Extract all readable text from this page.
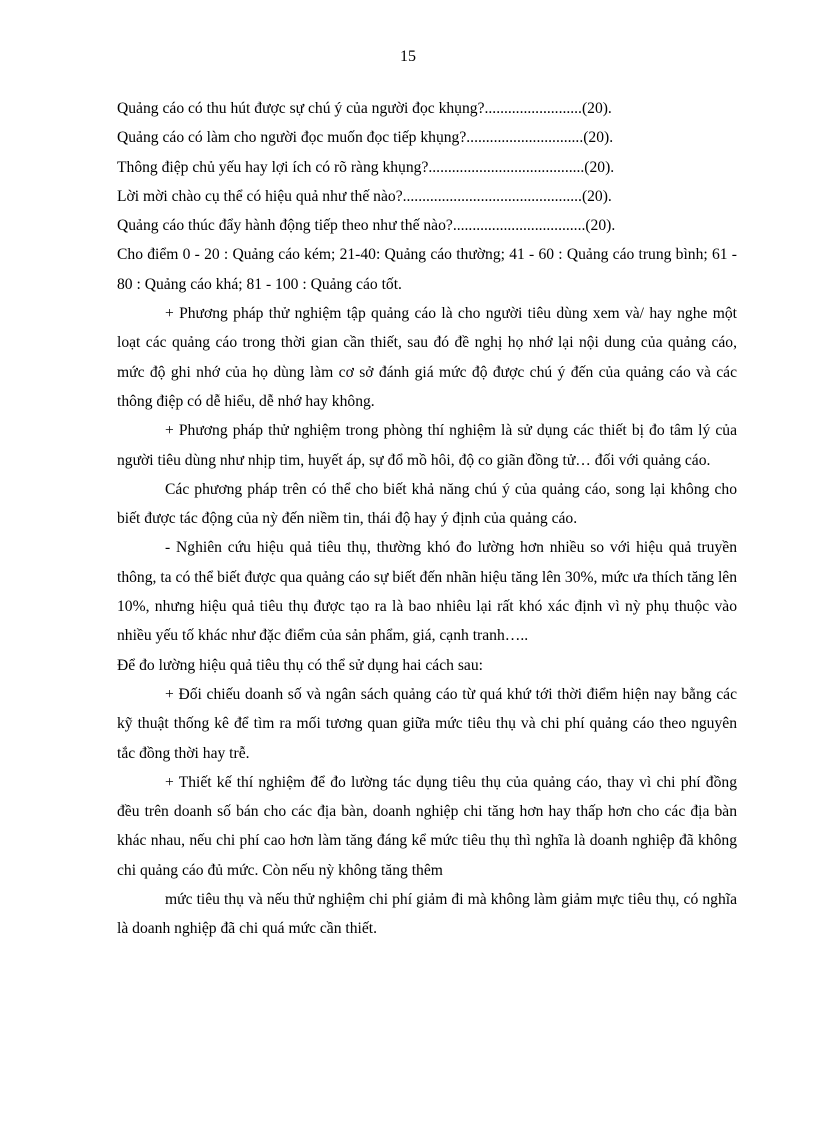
15

Quảng cáo có thu hút được sự chú ý của người đọc khụng?.........................(20).

Quảng cáo có làm cho người đọc muốn đọc tiếp khụng?..............................(20).

Thông điệp chủ yếu hay lợi ích có rõ ràng khụng?........................................(20).

Lời mời chào cụ thể có hiệu quả như thế nào?..............................................(20).

Quảng cáo thúc đẩy hành động tiếp theo như thế nào?..................................(20).

Cho điểm 0 - 20 : Quảng cáo kém; 21-40: Quảng cáo thường; 41 - 60 : Quảng cáo trung bình; 61 - 80 : Quảng cáo khá; 81 - 100 : Quảng cáo tốt.

+ Phương pháp thử nghiệm tập quảng cáo là cho người tiêu dùng xem và/ hay nghe một loạt các quảng cáo trong thời gian cần thiết, sau đó đề nghị họ nhớ lại nội dung của quảng cáo, mức độ ghi nhớ của họ dùng làm cơ sở đánh giá mức độ được chú ý đến của quảng cáo và các thông điệp có dễ hiểu, dễ nhớ hay không.

+ Phương pháp thử nghiệm trong phòng thí nghiệm là sử dụng các thiết bị đo tâm lý của người tiêu dùng như nhịp tim, huyết áp, sự đổ mồ hôi, độ co giãn đồng tử… đối với quảng cáo.

Các phương pháp trên có thể cho biết khả năng chú ý của quảng cáo, song lại không cho biết được tác động của nỳ đến niềm tin, thái độ hay ý định của quảng cáo.

- Nghiên cứu hiệu quả tiêu thụ, thường khó đo lường hơn nhiều so với hiệu quả truyền thông, ta có thể biết được qua quảng cáo sự biết đến nhãn hiệu tăng lên 30%, mức ưa thích tăng lên 10%, nhưng hiệu quả tiêu thụ được tạo ra là bao nhiêu lại rất khó xác định vì nỳ phụ thuộc vào nhiều yếu tố khác như đặc điểm của sản phẩm, giá, cạnh tranh…..

Để đo lường hiệu quả tiêu thụ có thể sử dụng hai cách sau:

+ Đối chiếu doanh số và ngân sách quảng cáo từ quá khứ tới thời điểm hiện nay bằng các kỹ thuật thống kê để tìm ra mối tương quan giữa mức tiêu thụ và chi phí quảng cáo theo nguyên tắc đồng thời hay trễ.

+ Thiết kế thí nghiệm để đo lường tác dụng tiêu thụ của quảng cáo, thay vì chi phí đồng đều trên doanh số bán cho các địa bàn, doanh nghiệp chi tăng hơn hay thấp hơn cho các địa bàn khác nhau, nếu chi phí cao hơn làm tăng đáng kể mức tiêu thụ thì nghĩa là doanh nghiệp đã không chi quảng cáo đủ mức. Còn nếu nỳ không tăng thêm

mức tiêu thụ và nếu thử nghiệm chi phí giảm đi mà không làm giảm mực tiêu thụ, có nghĩa là doanh nghiệp đã chi quá mức cần thiết.
